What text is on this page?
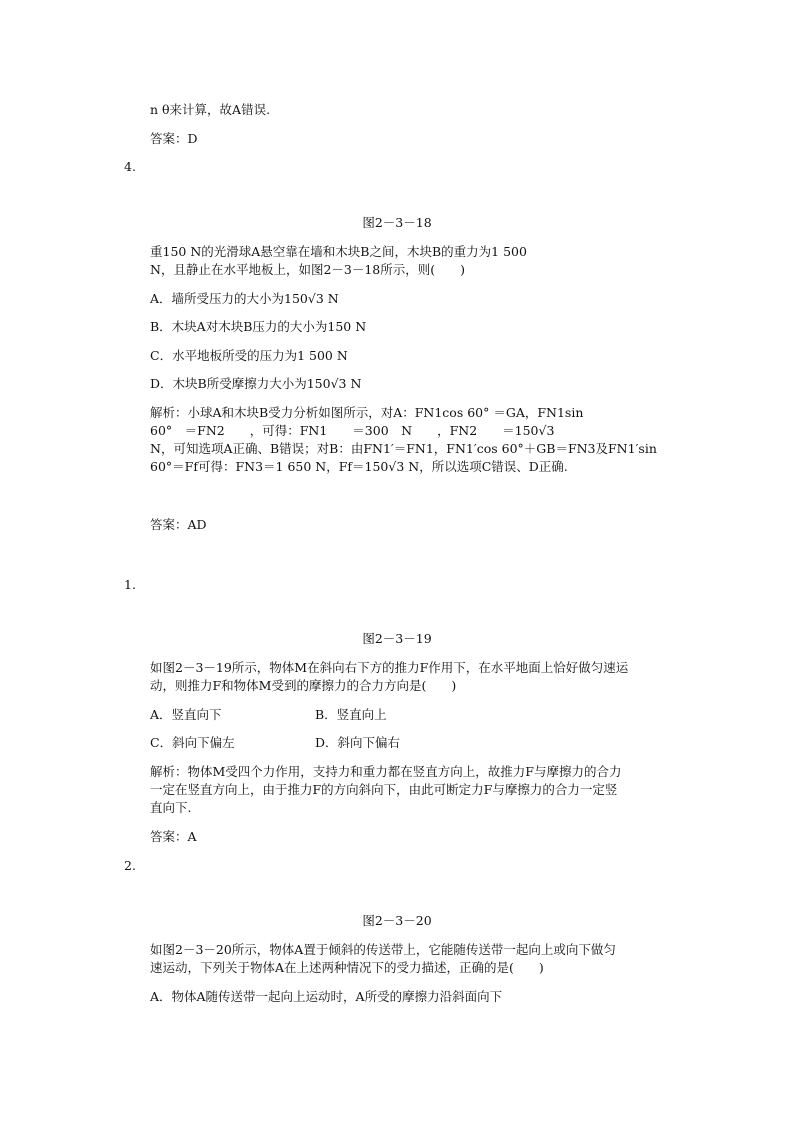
n θ来计算，故A错误.
答案：D
4.
图2－3－18
重150 N的光滑球A悬空靠在墙和木块B之间，木块B的重力为1 500
N，且静止在水平地板上，如图2－3－18所示，则(　　)
A．墙所受压力的大小为150√3 N
B．木块A对木块B压力的大小为150 N
C．水平地板所受的压力为1 500 N
D．木块B所受摩擦力大小为150√3 N
解析：小球A和木块B受力分析如图所示，对A：FN1cos 60° ＝GA，FN1sin
60°　＝FN2　　，可得：FN1　　＝300　N　　，FN2　　＝150√3
N，可知选项A正确、B错误；对B：由FN1′＝FN1，FN1′cos 60°＋GB＝FN3及FN1′sin
60°＝Ff可得：FN3＝1 650 N，Ff＝150√3 N，所以选项C错误、D正确.
答案：AD
1.
图2－3－19
如图2－3－19所示，物体M在斜向右下方的推力F作用下，在水平地面上恰好做匀速运
动，则推力F和物体M受到的摩擦力的合力方向是(　　)
A．竖直向下	B．竖直向上
C．斜向下偏左	D．斜向下偏右
解析：物体M受四个力作用，支持力和重力都在竖直方向上，故推力F与摩擦力的合力
一定在竖直方向上，由于推力F的方向斜向下，由此可断定力F与摩擦力的合力一定竖
直向下.
答案：A
2.
图2－3－20
如图2－3－20所示，物体A置于倾斜的传送带上，它能随传送带一起向上或向下做匀
速运动，下列关于物体A在上述两种情况下的受力描述，正确的是(　　)
A．物体A随传送带一起向上运动时，A所受的摩擦力沿斜面向下
